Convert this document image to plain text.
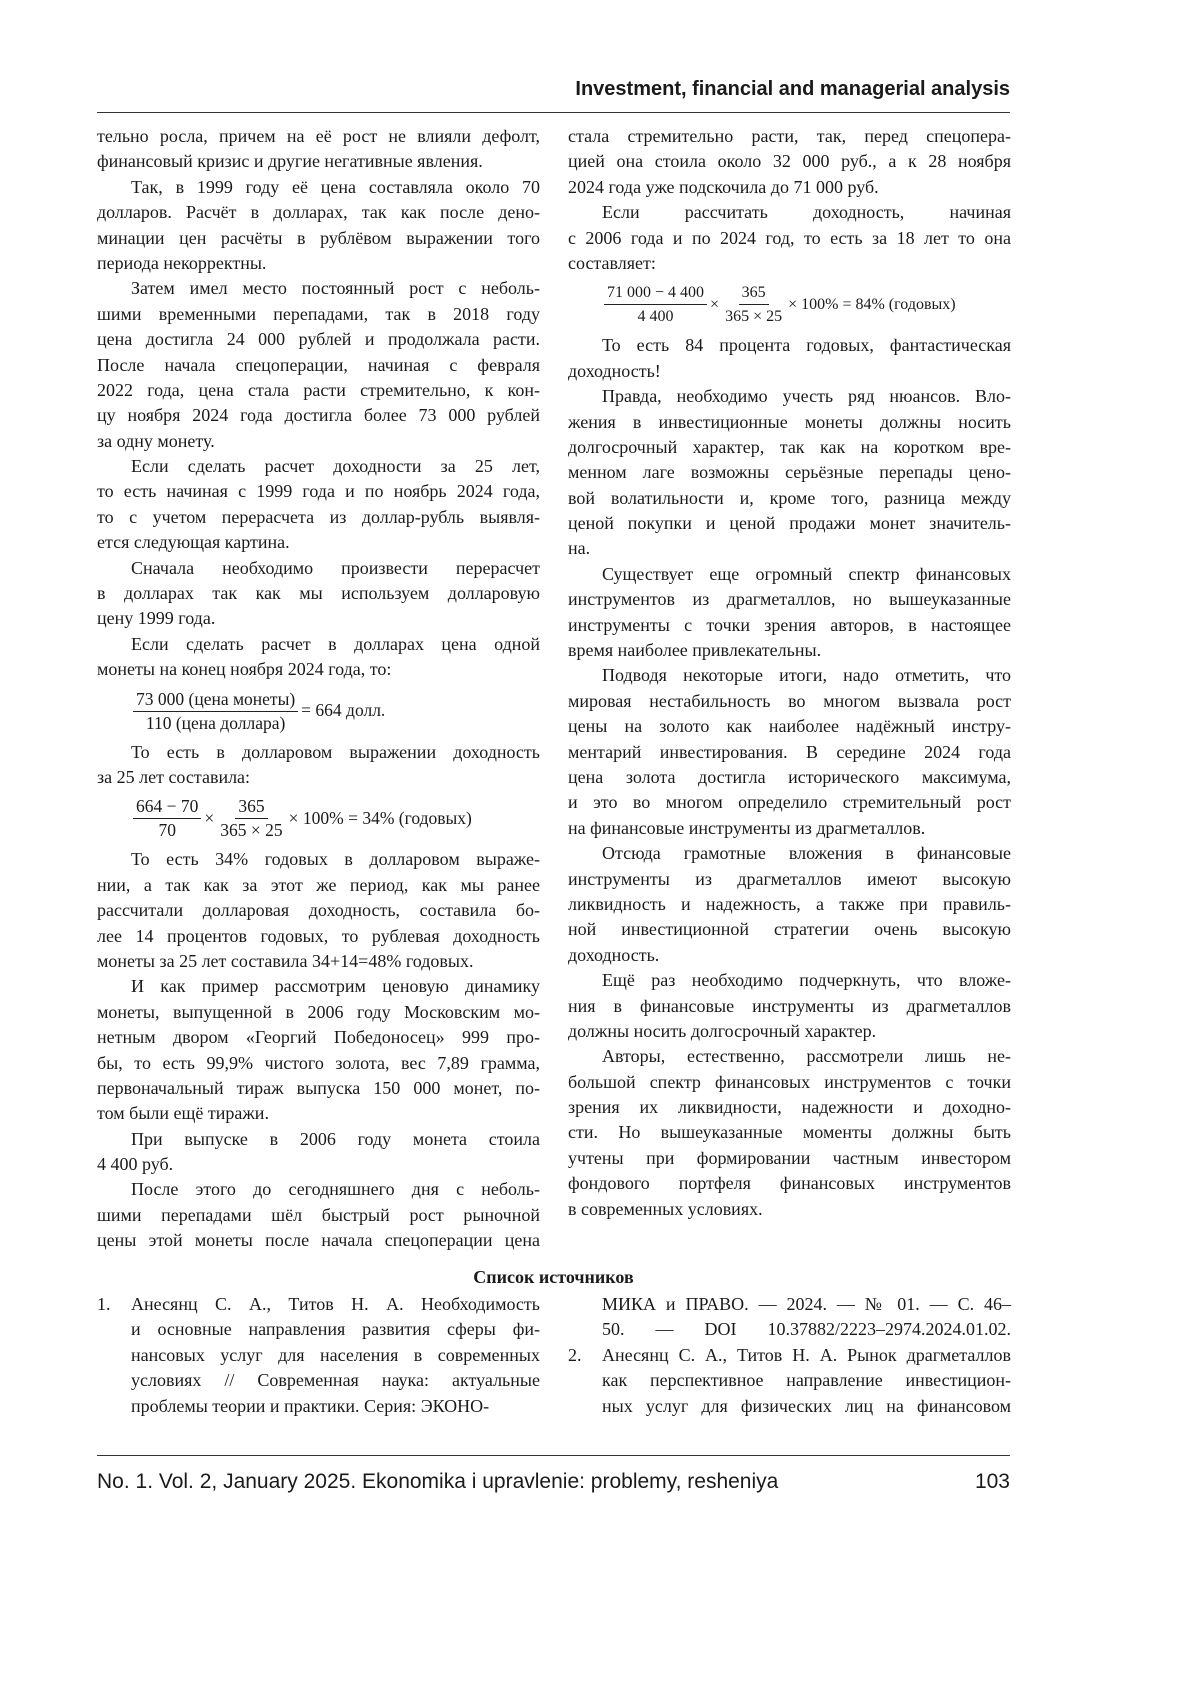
Investment, financial and managerial analysis
тельно росла, причем на её рост не влияли дефолт,
финансовый кризис и другие негативные явления.
Так, в 1999 году её цена составляла около 70
долларов. Расчёт в долларах, так как после дено-
минации цен расчёты в рублёвом выражении того
периода некорректны.
Затем имел место постоянный рост с неболь-
шими временными перепадами, так в 2018 году
цена достигла 24 000 рублей и продолжала расти.
После начала спецоперации, начиная с февраля
2022 года, цена стала расти стремительно, к кон-
цу ноября 2024 года достигла более 73 000 рублей
за одну монету.
Если сделать расчет доходности за 25 лет,
то есть начиная с 1999 года и по ноябрь 2024 года,
то с учетом перерасчета из доллар-рубль выявля-
ется следующая картина.
Сначала необходимо произвести перерасчет
в долларах так как мы используем долларовую
цену 1999 года.
Если сделать расчет в долларах цена одной
монеты на конец ноября 2024 года, то:
73 000 (цена монеты)
110 (цена доллара)
= 664 долл.
То есть в долларовом выражении доходность
за 25 лет составила:
664 − 70
70
×
365
365 × 25
× 100% = 34% (годовых)
То есть 34% годовых в долларовом выраже-
нии, а так как за этот же период, как мы ранее
рассчитали долларовая доходность, составила бо-
лее 14 процентов годовых, то рублевая доходность
монеты за 25 лет составила 34+14=48% годовых.
И как пример рассмотрим ценовую динамику
монеты, выпущенной в 2006 году Московским мо-
нетным двором «Георгий Победоносец» 999 про-
бы, то есть 99,9% чистого золота, вес 7,89 грамма,
первоначальный тираж выпуска 150 000 монет, по-
том были ещё тиражи.
При выпуске в 2006 году монета стоила
4 400 руб.
После этого до сегодняшнего дня с неболь-
шими перепадами шёл быстрый рост рыночной
цены этой монеты после начала спецоперации цена
стала стремительно расти, так, перед спецопера-
цией она стоила около 32 000 руб., а к 28 ноября
2024 года уже подскочила до 71 000 руб.
Если рассчитать доходность, начиная
с 2006 года и по 2024 год, то есть за 18 лет то она
составляет:
71 000 − 4 400
4 400
×
365
365 × 25
× 100% = 84% (годовых)
То есть 84 процента годовых, фантастическая
доходность!
Правда, необходимо учесть ряд нюансов. Вло-
жения в инвестиционные монеты должны носить
долгосрочный характер, так как на коротком вре-
менном лаге возможны серьёзные перепады цено-
вой волатильности и, кроме того, разница между
ценой покупки и ценой продажи монет значитель-
на.
Существует еще огромный спектр финансовых
инструментов из драгметаллов, но вышеуказанные
инструменты с точки зрения авторов, в настоящее
время наиболее привлекательны.
Подводя некоторые итоги, надо отметить, что
мировая нестабильность во многом вызвала рост
цены на золото как наиболее надёжный инстру-
ментарий инвестирования. В середине 2024 года
цена золота достигла исторического максимума,
и это во многом определило стремительный рост
на финансовые инструменты из драгметаллов.
Отсюда грамотные вложения в финансовые
инструменты из драгметаллов имеют высокую
ликвидность и надежность, а также при правиль-
ной инвестиционной стратегии очень высокую
доходность.
Ещё раз необходимо подчеркнуть, что вложе-
ния в финансовые инструменты из драгметаллов
должны носить долгосрочный характер.
Авторы, естественно, рассмотрели лишь не-
большой спектр финансовых инструментов с точки
зрения их ликвидности, надежности и доходно-
сти. Но вышеуказанные моменты должны быть
учтены при формировании частным инвестором
фондового портфеля финансовых инструментов
в современных условиях.
Список источников
1.	Анесянц С. А., Титов Н. А. Необходимость
и основные направления развития сферы фи-
нансовых услуг для населения в современных
условиях // Современная наука: актуальные
проблемы теории и практики. Серия: ЭКОНО-
МИКА и ПРАВО. — 2024. — № 01. — С. 46–
50. — DOI 10.37882/2223–2974.2024.01.02.
2.	Анесянц С. А., Титов Н. А. Рынок драгметаллов
как перспективное направление инвестицион-
ных услуг для физических лиц на финансовом
No. 1. Vol. 2, January 2025. Ekonomika i upravlenie: problemy, resheniya	103
